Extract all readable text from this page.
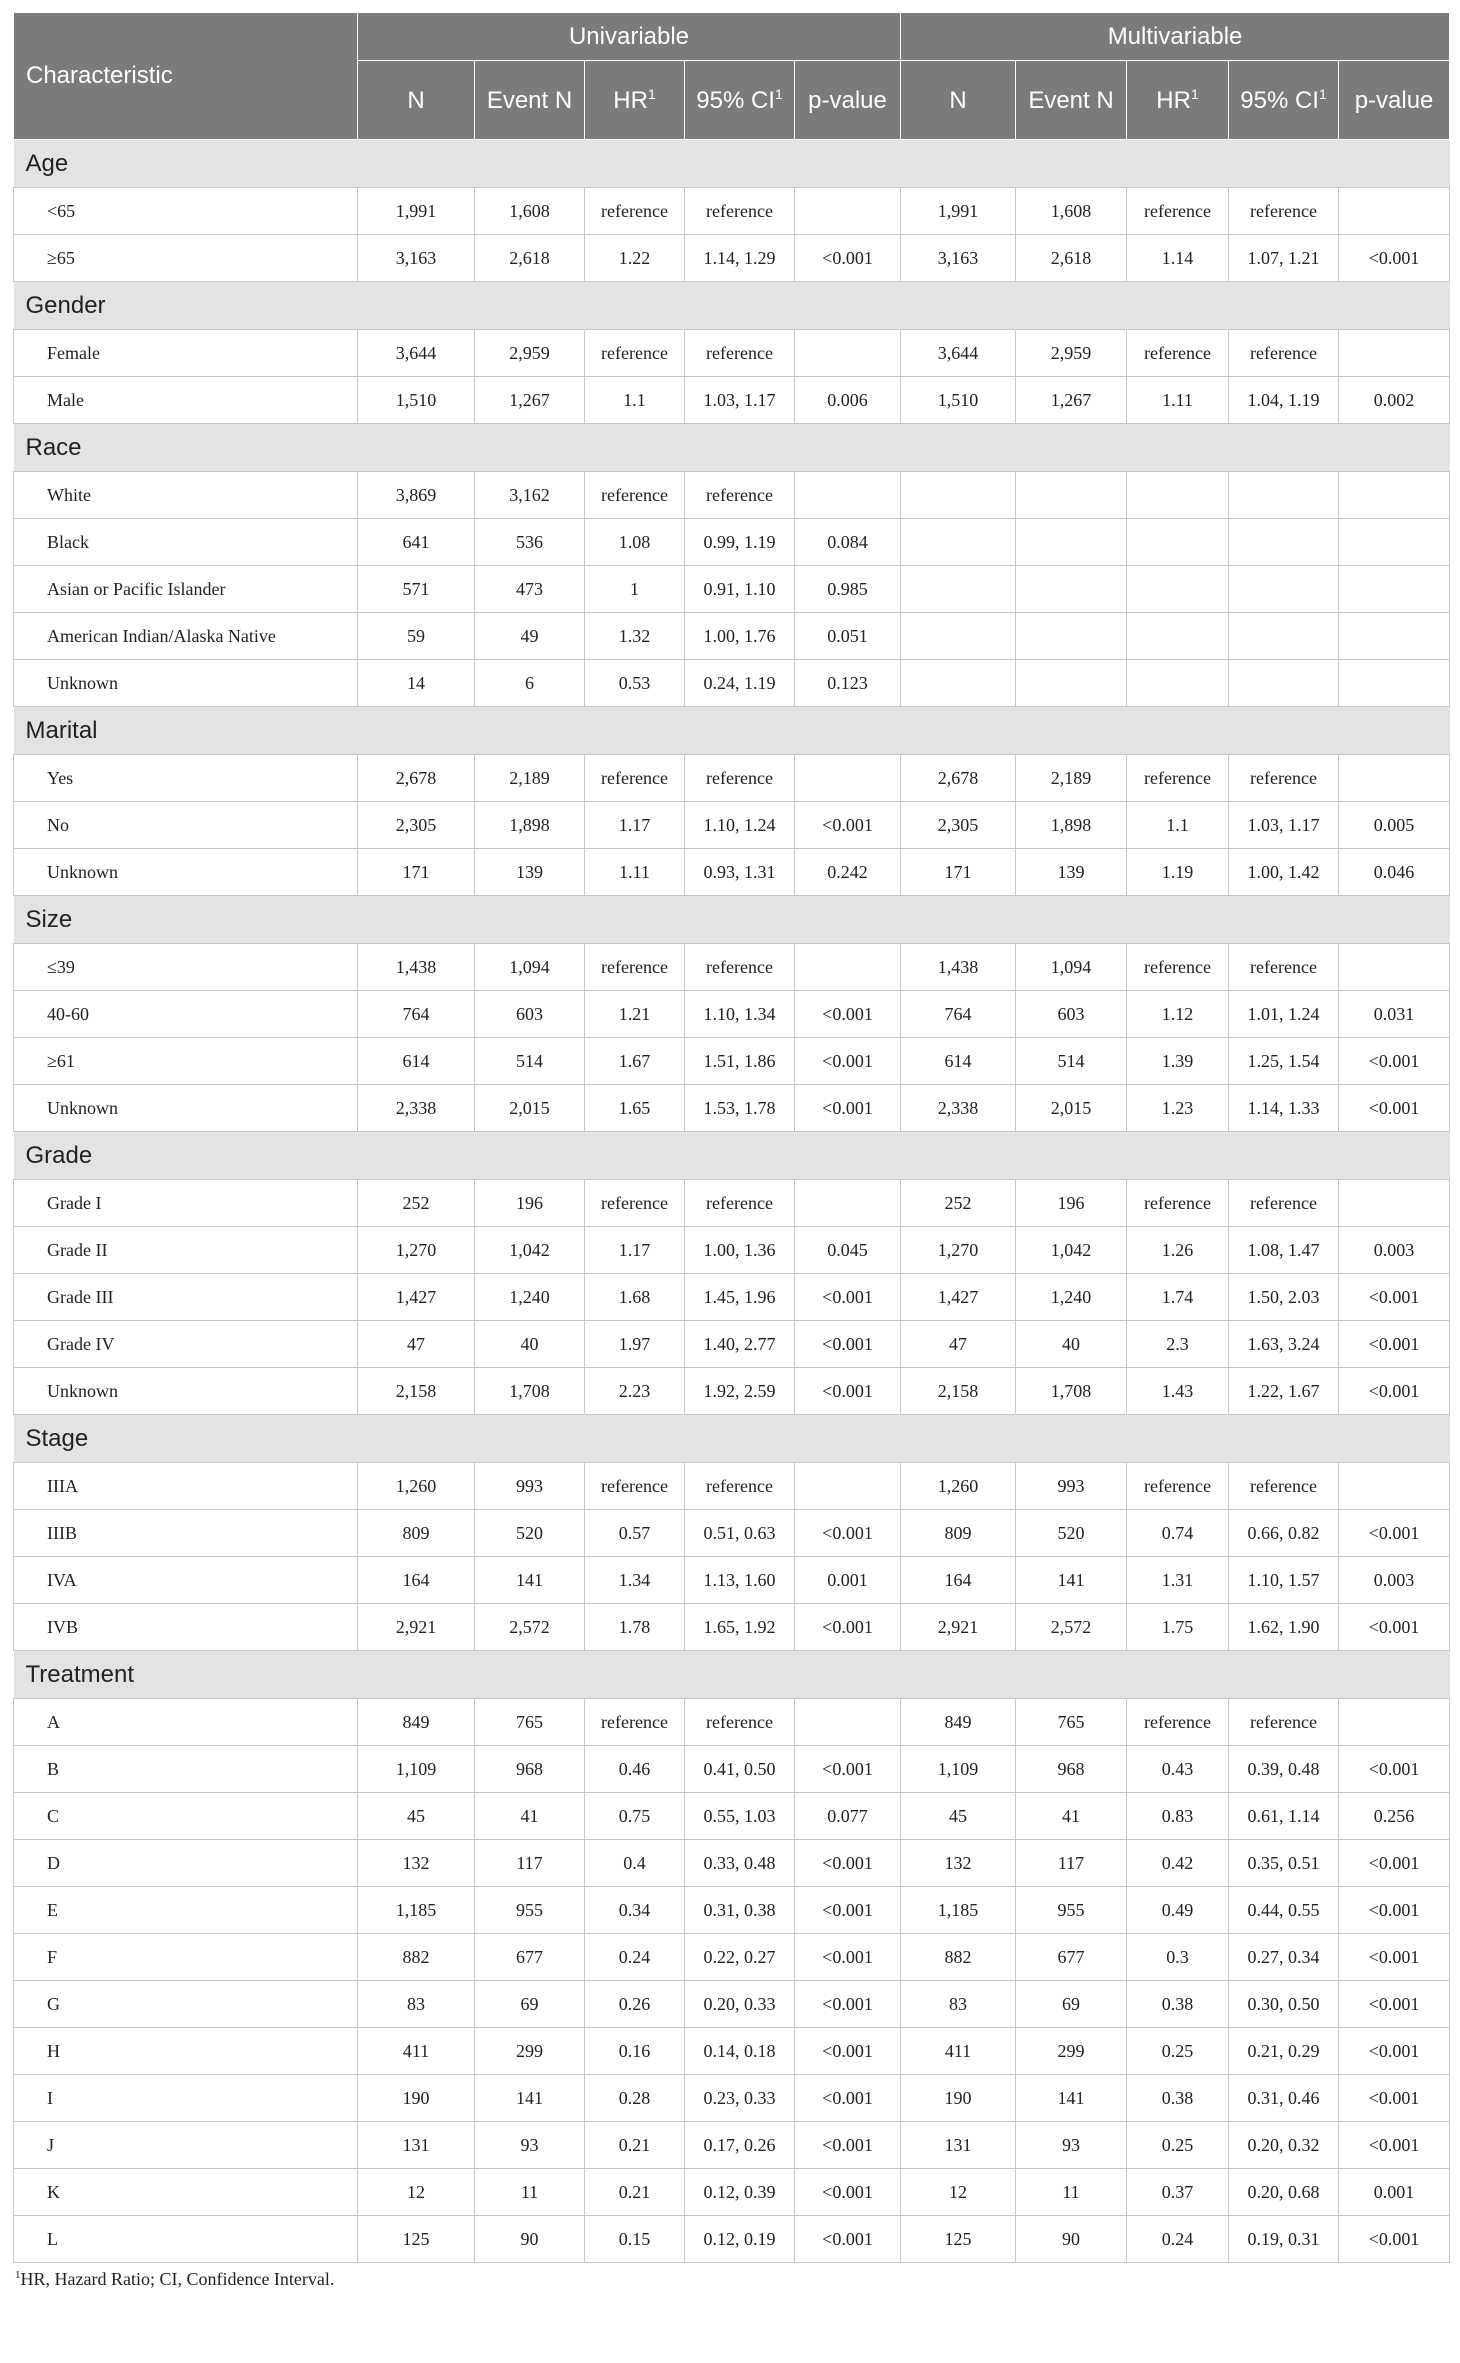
Characteristic	Univariable					Multivariable				
	N	Event N	$HR^1$	95% $CI^1$	p-value	N	Event N	$HR^1$	95% $CI^1$	p-value
Age										
<65	1,991	1,608	reference	reference		1,991	1,608	reference	reference	
≥65	3,163	2,618	1.22	1.14, 1.29	<0.001	3,163	2,618	1.14	1.07, 1.21	<0.001
Gender										
Female	3,644	2,959	reference	reference		3,644	2,959	reference	reference	
Male	1,510	1,267	1.1	1.03, 1.17	0.006	1,510	1,267	1.11	1.04, 1.19	0.002
Race										
White	3,869	3,162	reference	reference						
Black	641	536	1.08	0.99, 1.19	0.084					
Asian or Pacific Islander	571	473	1	0.91, 1.10	0.985					
American Indian/Alaska Native	59	49	1.32	1.00, 1.76	0.051					
Unknown	14	6	0.53	0.24, 1.19	0.123					
Marital										
Yes	2,678	2,189	reference	reference		2,678	2,189	reference	reference	
No	2,305	1,898	1.17	1.10, 1.24	<0.001	2,305	1,898	1.1	1.03, 1.17	0.005
Unknown	171	139	1.11	0.93, 1.31	0.242	171	139	1.19	1.00, 1.42	0.046
Size										
≤39	1,438	1,094	reference	reference		1,438	1,094	reference	reference	
40-60	764	603	1.21	1.10, 1.34	<0.001	764	603	1.12	1.01, 1.24	0.031
≥61	614	514	1.67	1.51, 1.86	<0.001	614	514	1.39	1.25, 1.54	<0.001
Unknown	2,338	2,015	1.65	1.53, 1.78	<0.001	2,338	2,015	1.23	1.14, 1.33	<0.001
Grade										
Grade I	252	196	reference	reference		252	196	reference	reference	
Grade II	1,270	1,042	1.17	1.00, 1.36	0.045	1,270	1,042	1.26	1.08, 1.47	0.003
Grade III	1,427	1,240	1.68	1.45, 1.96	<0.001	1,427	1,240	1.74	1.50, 2.03	<0.001
Grade IV	47	40	1.97	1.40, 2.77	<0.001	47	40	2.3	1.63, 3.24	<0.001
Unknown	2,158	1,708	2.23	1.92, 2.59	<0.001	2,158	1,708	1.43	1.22, 1.67	<0.001
Stage										
IIIA	1,260	993	reference	reference		1,260	993	reference	reference	
IIIB	809	520	0.57	0.51, 0.63	<0.001	809	520	0.74	0.66, 0.82	<0.001
IVA	164	141	1.34	1.13, 1.60	0.001	164	141	1.31	1.10, 1.57	0.003
IVB	2,921	2,572	1.78	1.65, 1.92	<0.001	2,921	2,572	1.75	1.62, 1.90	<0.001
Treatment										
A	849	765	reference	reference		849	765	reference	reference	
B	1,109	968	0.46	0.41, 0.50	<0.001	1,109	968	0.43	0.39, 0.48	<0.001
C	45	41	0.75	0.55, 1.03	0.077	45	41	0.83	0.61, 1.14	0.256
D	132	117	0.4	0.33, 0.48	<0.001	132	117	0.42	0.35, 0.51	<0.001
E	1,185	955	0.34	0.31, 0.38	<0.001	1,185	955	0.49	0.44, 0.55	<0.001
F	882	677	0.24	0.22, 0.27	<0.001	882	677	0.3	0.27, 0.34	<0.001
G	83	69	0.26	0.20, 0.33	<0.001	83	69	0.38	0.30, 0.50	<0.001
H	411	299	0.16	0.14, 0.18	<0.001	411	299	0.25	0.21, 0.29	<0.001
I	190	141	0.28	0.23, 0.33	<0.001	190	141	0.38	0.31, 0.46	<0.001
J	131	93	0.21	0.17, 0.26	<0.001	131	93	0.25	0.20, 0.32	<0.001
K	12	11	0.21	0.12, 0.39	<0.001	12	11	0.37	0.20, 0.68	0.001
L	125	90	0.15	0.12, 0.19	<0.001	125	90	0.24	0.19, 0.31	<0.001
$^1$HR, Hazard Ratio; CI, Confidence Interval.
